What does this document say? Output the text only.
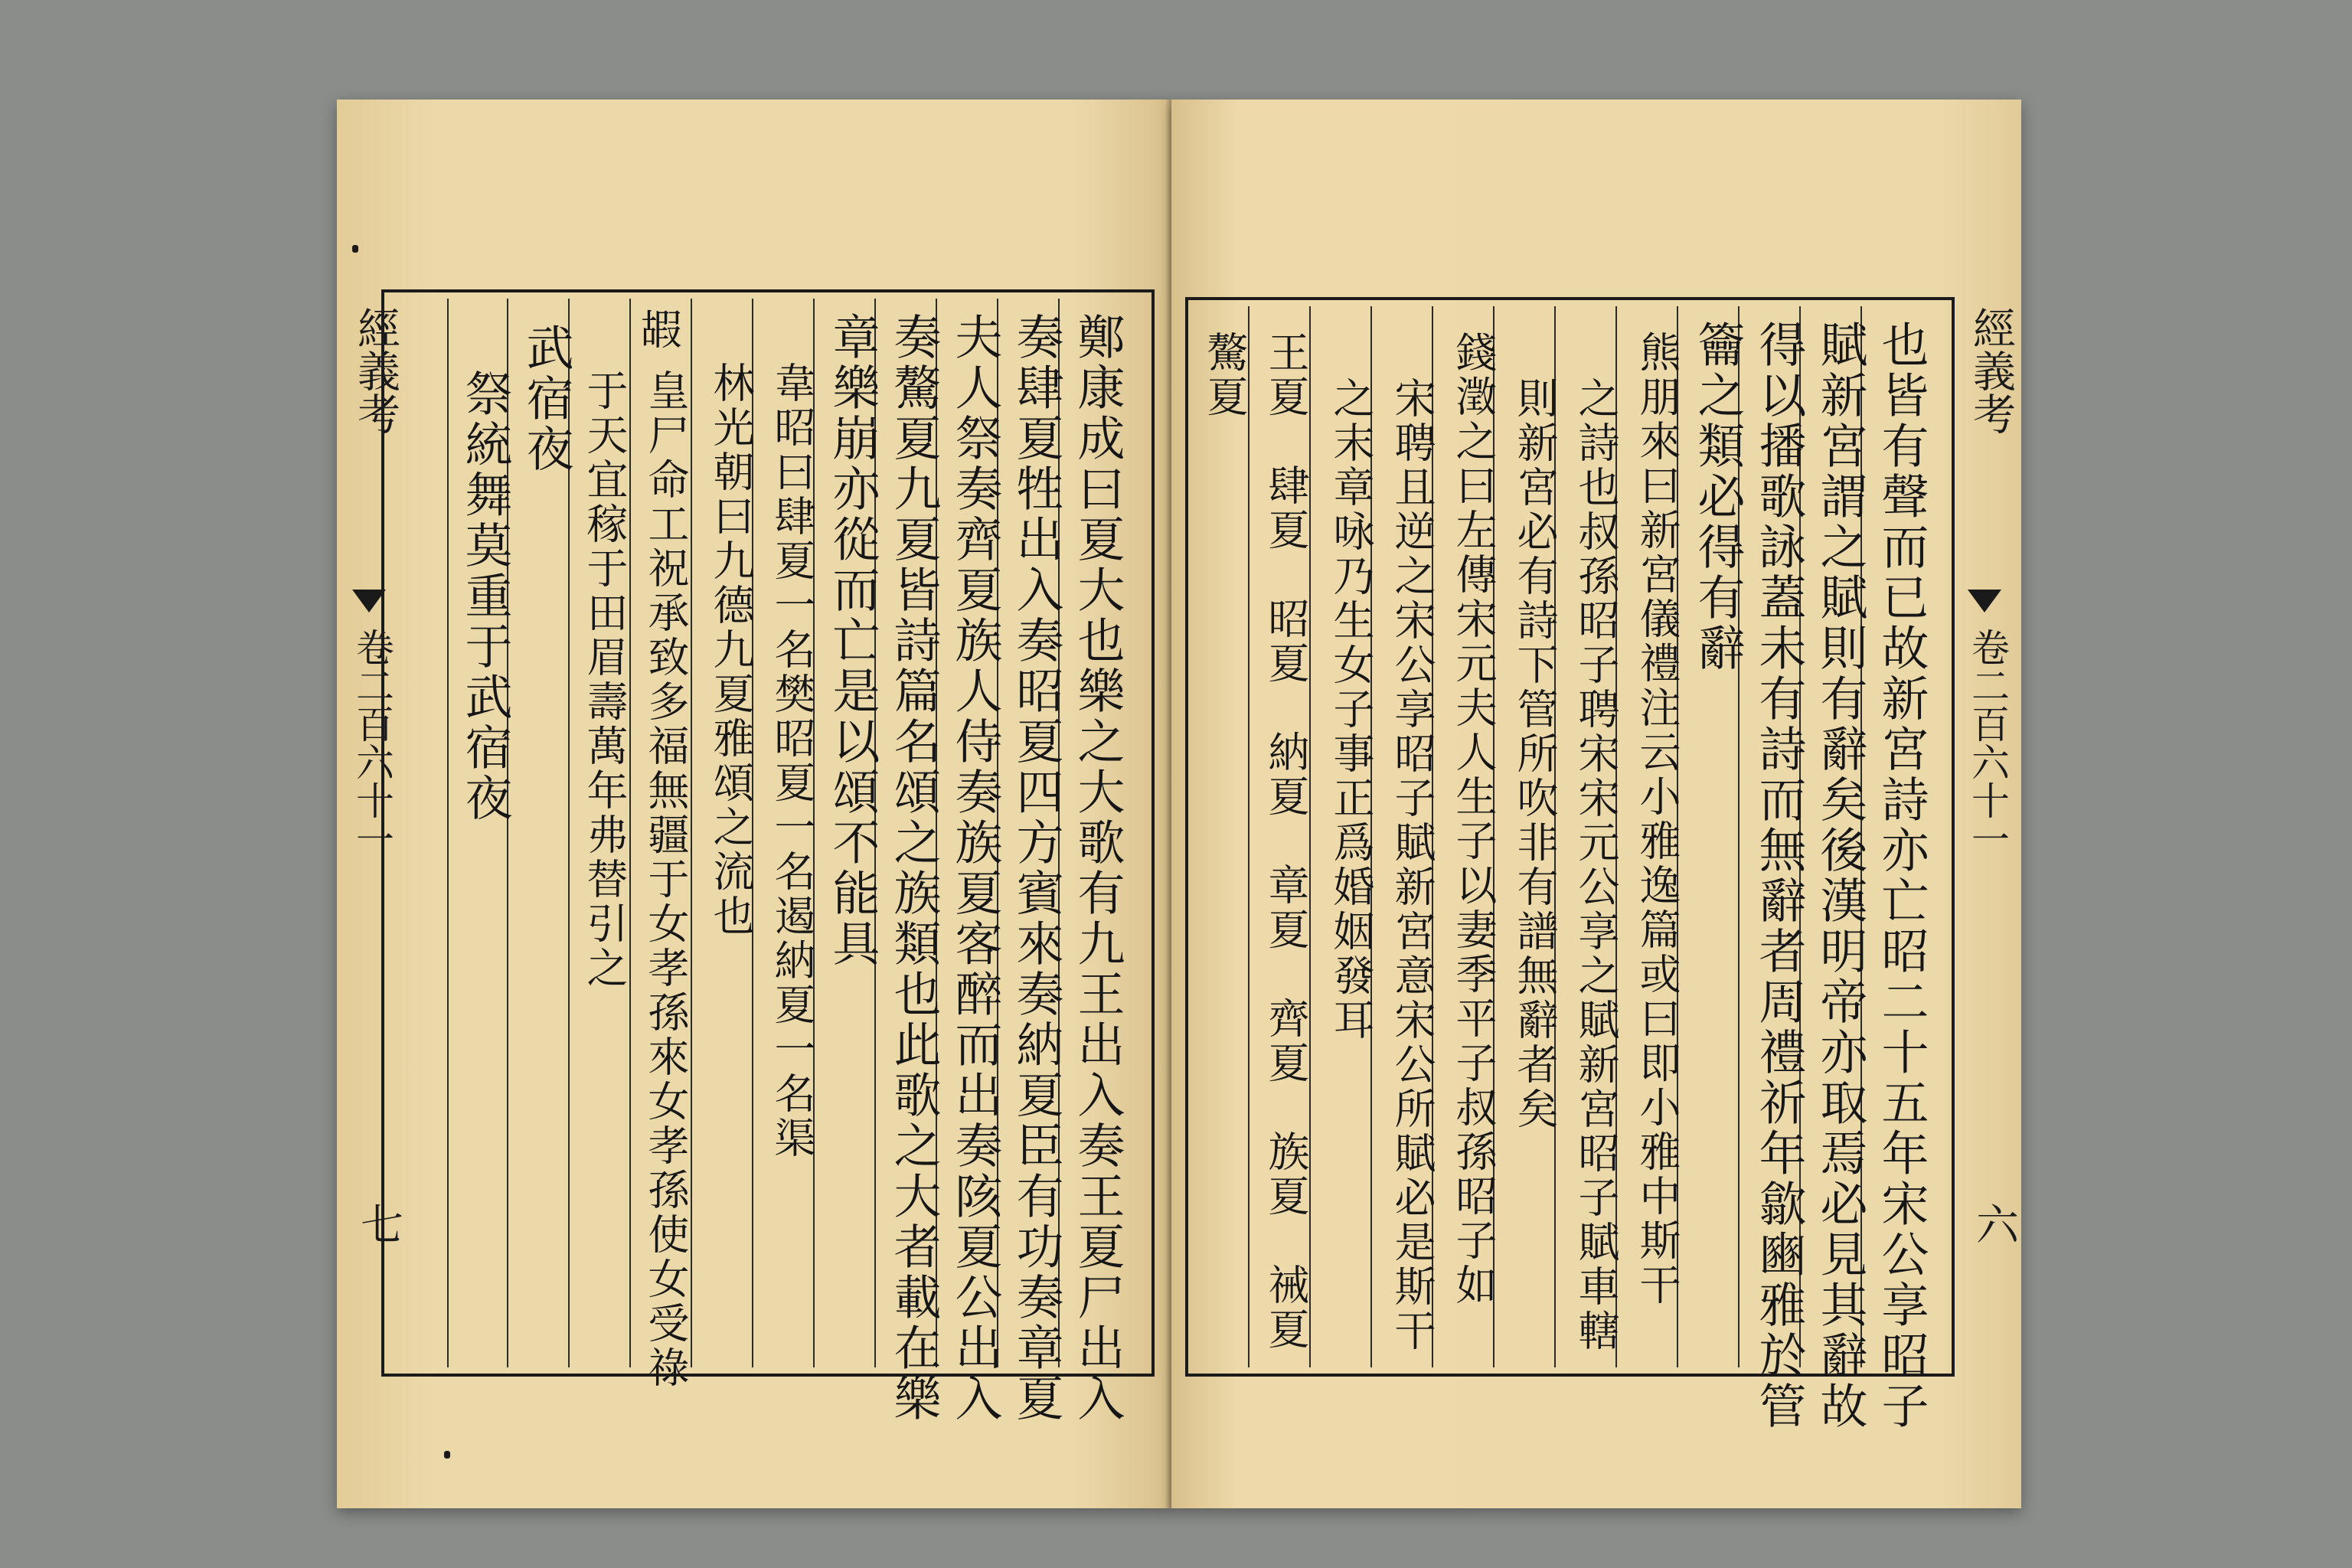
經義考
卷二百六十一
七	鄭康成曰夏大也樂之大歌有九王出入奏王夏尸出入
奏肆夏牲出入奏昭夏四方賓來奏納夏臣有功奏章夏
夫人祭奏齊夏族人侍奏族夏客醉而出奏陔夏公出入
奏驁夏九夏皆詩篇名頌之族類也此歌之大者載在樂
章樂崩亦從而亡是以頌不能具
韋昭曰肆夏一名樊昭夏一名遏納夏一名渠
林光朝曰九德九夏雅頌之流也
嘏
皇尸命工祝承致多福無疆于女孝孫來女孝孫使女受祿
于天宜稼于田眉壽萬年弗替引之
武宿夜
祭統舞莫重于武宿夜	也皆有聲而已故新宮詩亦亡昭二十五年宋公享昭子
賦新宮謂之賦則有辭矣後漢明帝亦取焉必見其辭故
得以播歌詠蓋未有詩而無辭者周禮祈年歙豳雅於管
籥之類必得有辭
熊朋來曰新宮儀禮注云小雅逸篇或曰即小雅中斯干
之詩也叔孫昭子聘宋宋元公享之賦新宮昭子賦車轄
則新宮必有詩下管所吹非有譜無辭者矣
錢澂之曰左傳宋元夫人生子以妻季平子叔孫昭子如
宋聘且逆之宋公享昭子賦新宮意宋公所賦必是斯干
之末章咏乃生女子事正爲婚姻發耳
王夏　肆夏　昭夏　納夏　章夏　齊夏　族夏　祴夏
驁夏	經義考
卷二百六十一
六
